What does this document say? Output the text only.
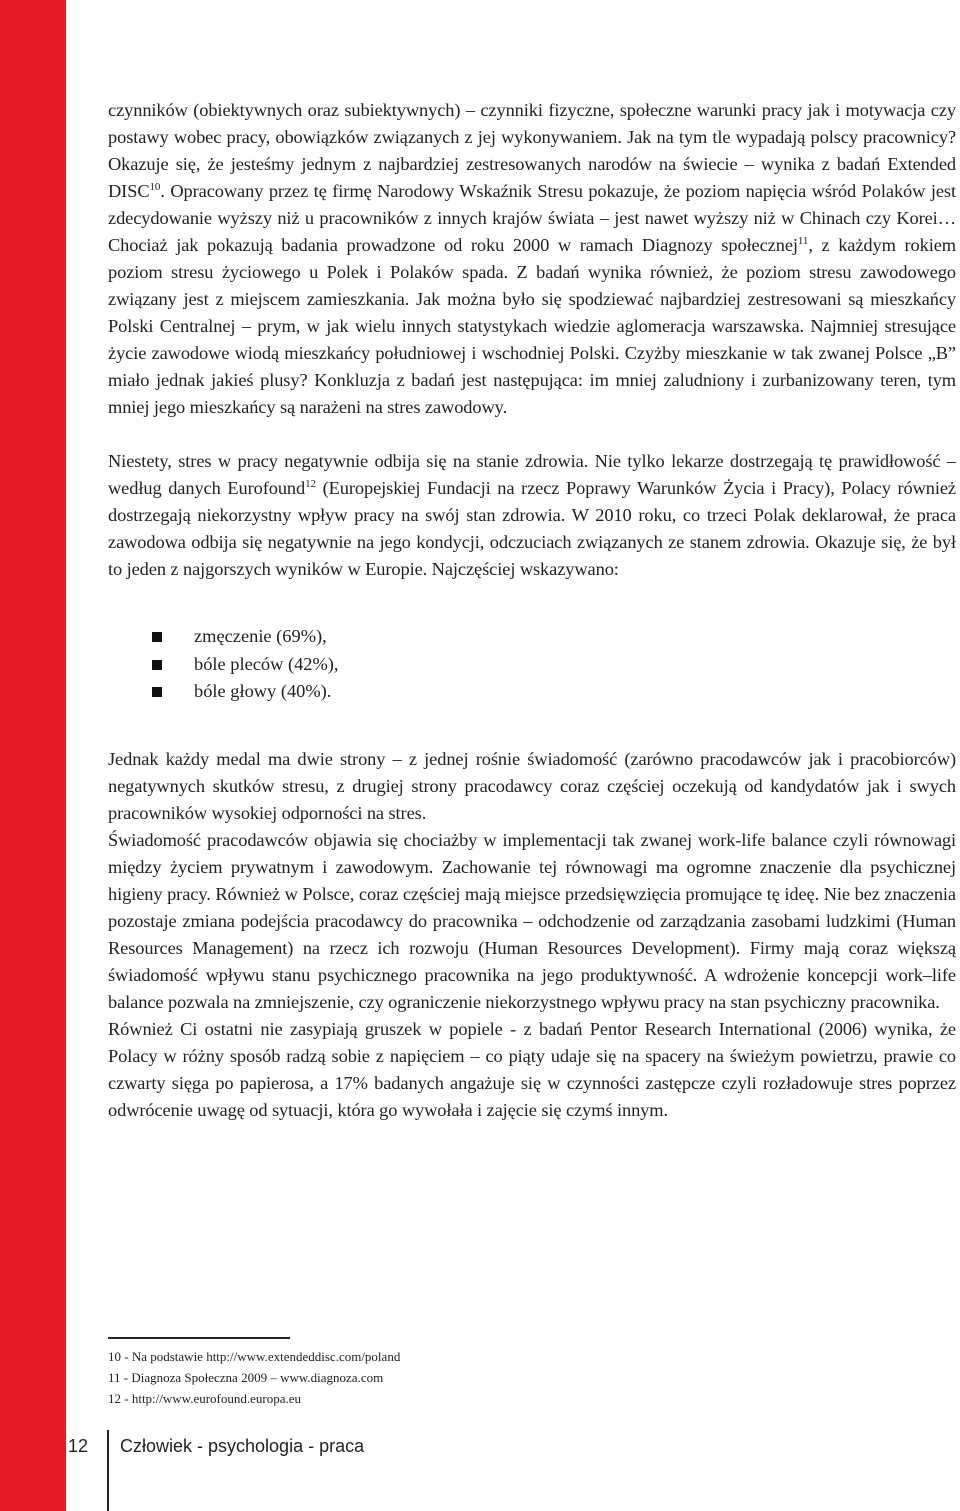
czynników (obiektywnych oraz subiektywnych) – czynniki fizyczne, społeczne warunki pracy jak i motywacja czy postawy wobec pracy, obowiązków związanych z jej wykonywaniem. Jak na tym tle wypadają polscy pracownicy? Okazuje się, że jesteśmy jednym z najbardziej zestresowanych narodów na świecie – wynika z badań Extended DISC$^{10}$. Opracowany przez tę firmę Narodowy Wskaźnik Stresu pokazuje, że poziom napięcia wśród Polaków jest zdecydowanie wyższy niż u pracowników z innych krajów świata – jest nawet wyższy niż w Chinach czy Korei… Chociaż jak pokazują badania prowadzone od roku 2000 w ramach Diagnozy społecznej$^{11}$, z każdym rokiem poziom stresu życiowego u Polek i Polaków spada. Z badań wynika również, że poziom stresu zawodowego związany jest z miejscem zamieszkania. Jak można było się spodziewać najbardziej zestresowani są mieszkańcy Polski Centralnej – prym, w jak wielu innych statystykach wiedzie aglomeracja warszawska. Najmniej stresujące życie zawodowe wiodą mieszkańcy południowej i wschodniej Polski. Czyżby mieszkanie w tak zwanej Polsce „B” miało jednak jakieś plusy? Konkluzja z badań jest następująca: im mniej zaludniony i zurbanizowany teren, tym mniej jego mieszkańcy są narażeni na stres zawodowy.

Niestety, stres w pracy negatywnie odbija się na stanie zdrowia. Nie tylko lekarze dostrzegają tę prawidłowość – według danych Eurofound$^{12}$ (Europejskiej Fundacji na rzecz Poprawy Warunków Życia i Pracy), Polacy również dostrzegają niekorzystny wpływ pracy na swój stan zdrowia. W 2010 roku, co trzeci Polak deklarował, że praca zawodowa odbija się negatywnie na jego kondycji, odczuciach związanych ze stanem zdrowia. Okazuje się, że był to jeden z najgorszych wyników w Europie. Najczęściej wskazywano:

zmęczenie (69%),
bóle pleców (42%),
bóle głowy (40%).

Jednak każdy medal ma dwie strony – z jednej rośnie świadomość (zarówno pracodawców jak i pracobiorców) negatywnych skutków stresu, z drugiej strony pracodawcy coraz częściej oczekują od kandydatów jak i swych pracowników wysokiej odporności na stres.

Świadomość pracodawców objawia się chociażby w implementacji tak zwanej work-life balance czyli równowagi między życiem prywatnym i zawodowym. Zachowanie tej równowagi ma ogromne znaczenie dla psychicznej higieny pracy. Również w Polsce, coraz częściej mają miejsce przedsięwzięcia promujące tę ideę. Nie bez znaczenia pozostaje zmiana podejścia pracodawcy do pracownika – odchodzenie od zarządzania zasobami ludzkimi (Human Resources Management) na rzecz ich rozwoju (Human Resources Development). Firmy mają coraz większą świadomość wpływu stanu psychicznego pracownika na jego produktywność. A wdrożenie koncepcji work–life balance pozwala na zmniejszenie, czy ograniczenie niekorzystnego wpływu pracy na stan psychiczny pracownika.

Również Ci ostatni nie zasypiają gruszek w popiele - z badań Pentor Research International (2006) wynika, że Polacy w różny sposób radzą sobie z napięciem – co piąty udaje się na spacery na świeżym powietrzu, prawie co czwarty sięga po papierosa, a 17% badanych angażuje się w czynności zastępcze czyli rozładowuje stres poprzez odwrócenie uwagę od sytuacji, która go wywołała i zajęcie się czymś innym.

10 - Na podstawie http://www.extendeddisc.com/poland
11 - Diagnoza Społeczna 2009 – www.diagnoza.com
12 - http://www.eurofound.europa.eu
12 Człowiek - psychologia - praca
